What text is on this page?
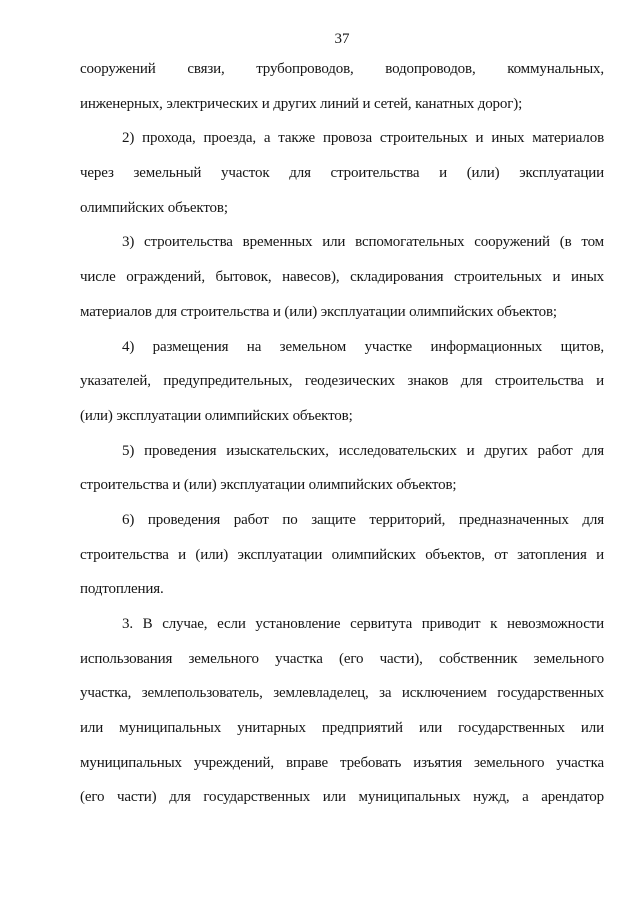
37
сооружений связи, трубопроводов, водопроводов, коммунальных,
инженерных, электрических и других линий и сетей, канатных дорог);
2) прохода, проезда, а также провоза строительных и иных материалов
через земельный участок для строительства и (или) эксплуатации
олимпийских объектов;
3) строительства временных или вспомогательных сооружений (в том
числе ограждений, бытовок, навесов), складирования строительных и иных
материалов для строительства и (или) эксплуатации олимпийских объектов;
4) размещения на земельном участке информационных щитов,
указателей, предупредительных, геодезических знаков для строительства и
(или) эксплуатации олимпийских объектов;
5) проведения изыскательских, исследовательских и других работ для
строительства и (или) эксплуатации олимпийских объектов;
6) проведения работ по защите территорий, предназначенных для
строительства и (или) эксплуатации олимпийских объектов, от затопления и
подтопления.
3. В случае, если установление сервитута приводит к невозможности
использования земельного участка (его части), собственник земельного
участка, землепользователь, землевладелец, за исключением государственных
или муниципальных унитарных предприятий или государственных или
муниципальных учреждений, вправе требовать изъятия земельного участка
(его части) для государственных или муниципальных нужд, а арендатор
